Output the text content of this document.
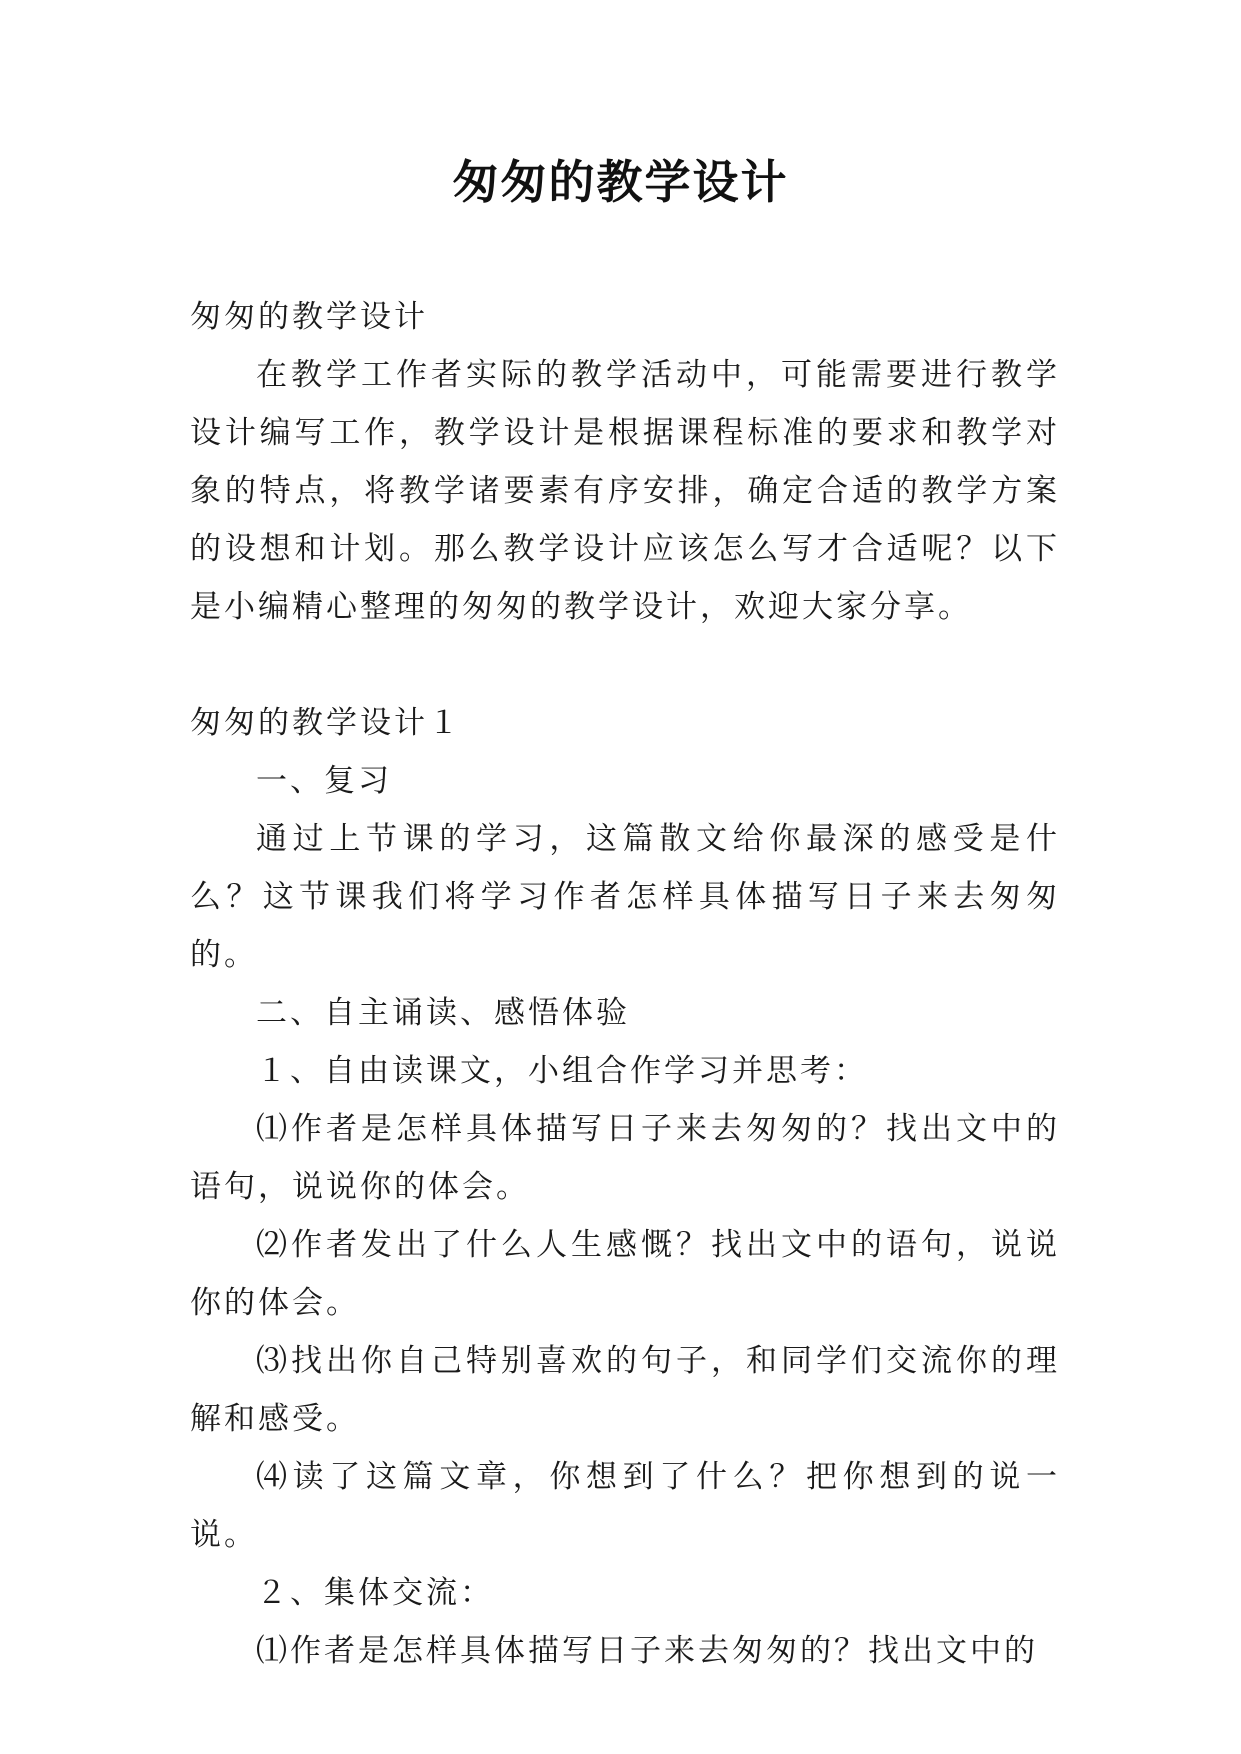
匆匆的教学设计

匆匆的教学设计

在教学工作者实际的教学活动中，可能需要进行教学设计编写工作，教学设计是根据课程标准的要求和教学对象的特点，将教学诸要素有序安排，确定合适的教学方案的设想和计划。那么教学设计应该怎么写才合适呢？以下是小编精心整理的匆匆的教学设计，欢迎大家分享。

匆匆的教学设计１

一、复习

通过上节课的学习，这篇散文给你最深的感受是什么？这节课我们将学习作者怎样具体描写日子来去匆匆的。

二、自主诵读、感悟体验

１、自由读课文，小组合作学习并思考：

⑴作者是怎样具体描写日子来去匆匆的？找出文中的语句，说说你的体会。

⑵作者发出了什么人生感慨？找出文中的语句，说说你的体会。

⑶找出你自己特别喜欢的句子，和同学们交流你的理解和感受。

⑷读了这篇文章，你想到了什么？把你想到的说一说。

２、集体交流：

⑴作者是怎样具体描写日子来去匆匆的？找出文中的
